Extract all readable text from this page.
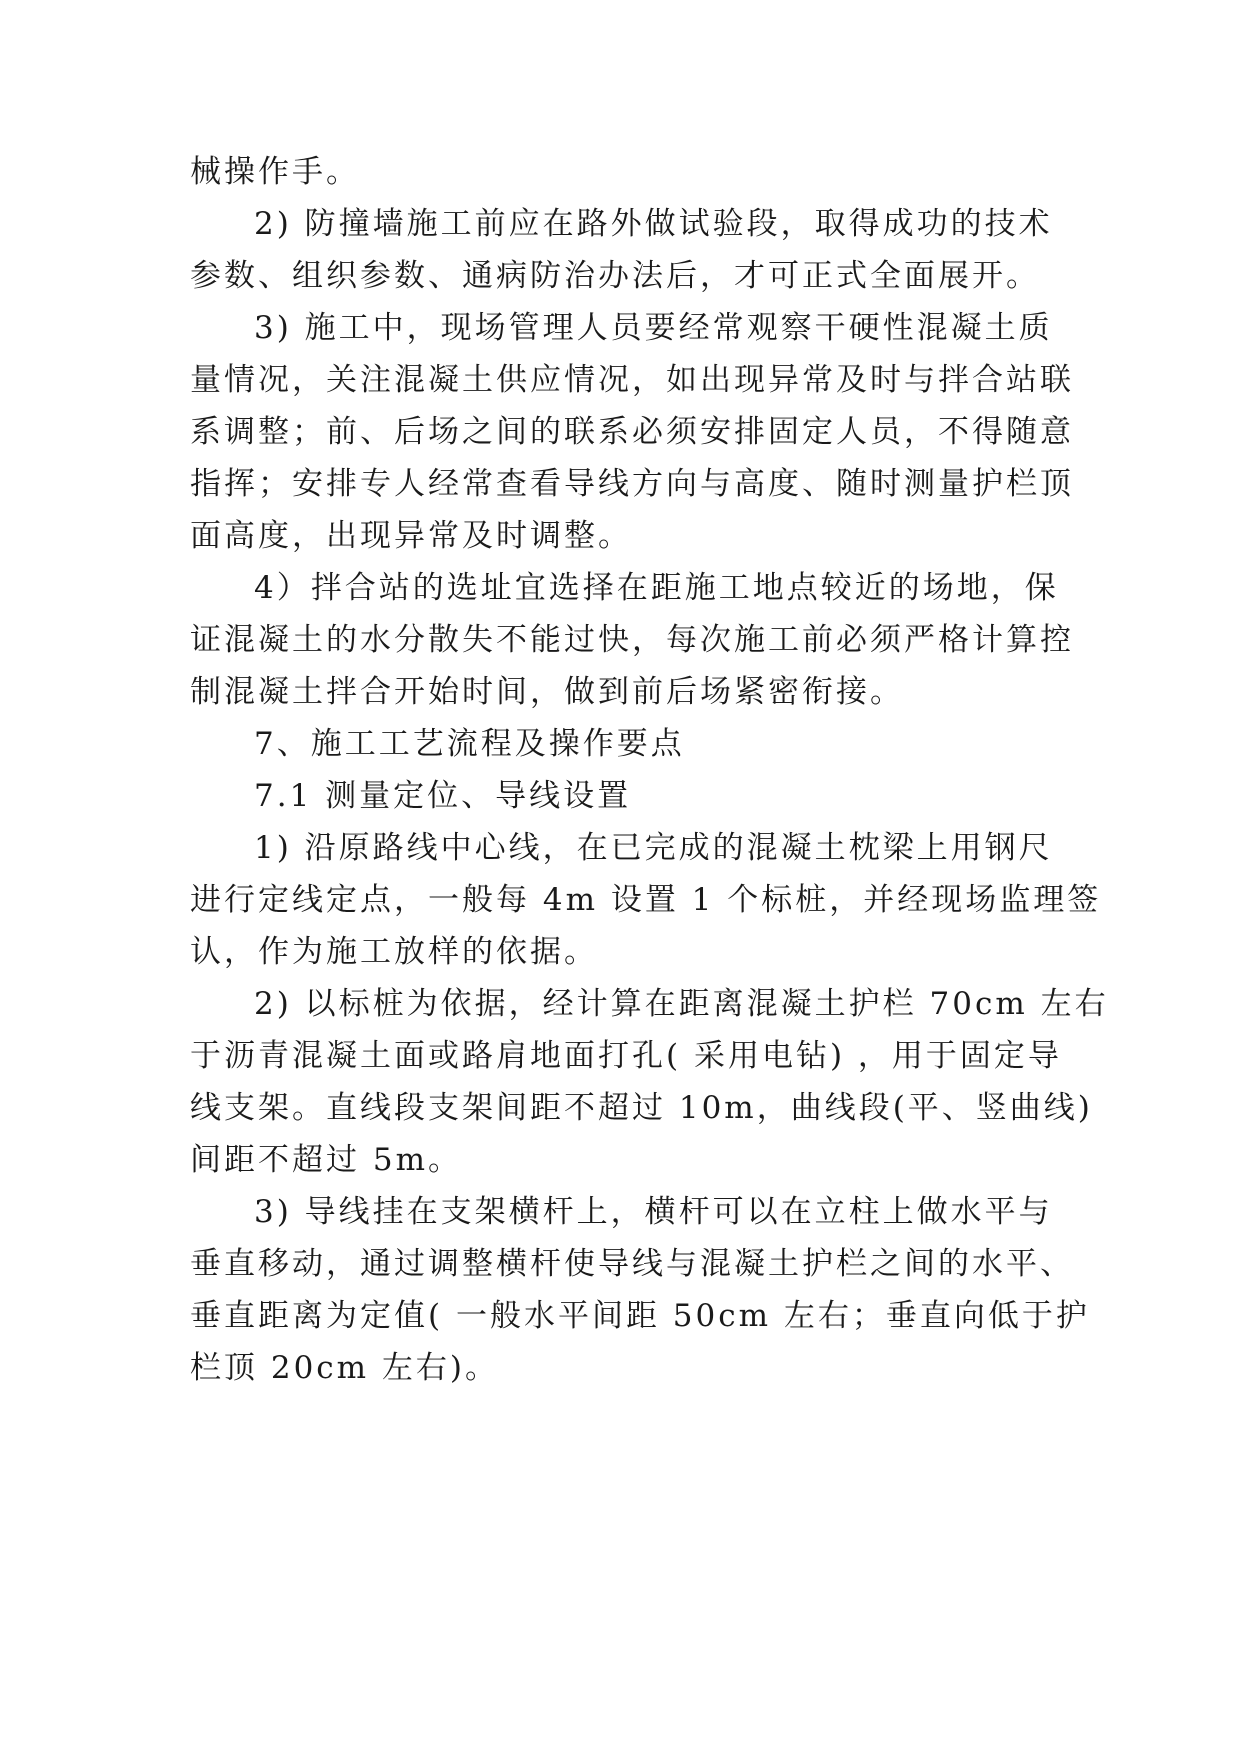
械操作手。
2) 防撞墙施工前应在路外做试验段，取得成功的技术
参数、组织参数、通病防治办法后，才可正式全面展开。
3) 施工中，现场管理人员要经常观察干硬性混凝土质
量情况，关注混凝土供应情况，如出现异常及时与拌合站联
系调整；前、后场之间的联系必须安排固定人员，不得随意
指挥；安排专人经常查看导线方向与高度、随时测量护栏顶
面高度，出现异常及时调整。
4）拌合站的选址宜选择在距施工地点较近的场地，保
证混凝土的水分散失不能过快，每次施工前必须严格计算控
制混凝土拌合开始时间，做到前后场紧密衔接。
7、施工工艺流程及操作要点
7.1 测量定位、导线设置
1) 沿原路线中心线，在已完成的混凝土枕梁上用钢尺
进行定线定点，一般每 4m 设置 1 个标桩，并经现场监理签
认，作为施工放样的依据。
2) 以标桩为依据，经计算在距离混凝土护栏 70cm 左右
于沥青混凝土面或路肩地面打孔( 采用电钻) ，用于固定导
线支架。直线段支架间距不超过 10m，曲线段(平、竖曲线)
间距不超过 5m。
3) 导线挂在支架横杆上，横杆可以在立柱上做水平与
垂直移动，通过调整横杆使导线与混凝土护栏之间的水平、
垂直距离为定值( 一般水平间距 50cm 左右；垂直向低于护
栏顶 20cm 左右)。
